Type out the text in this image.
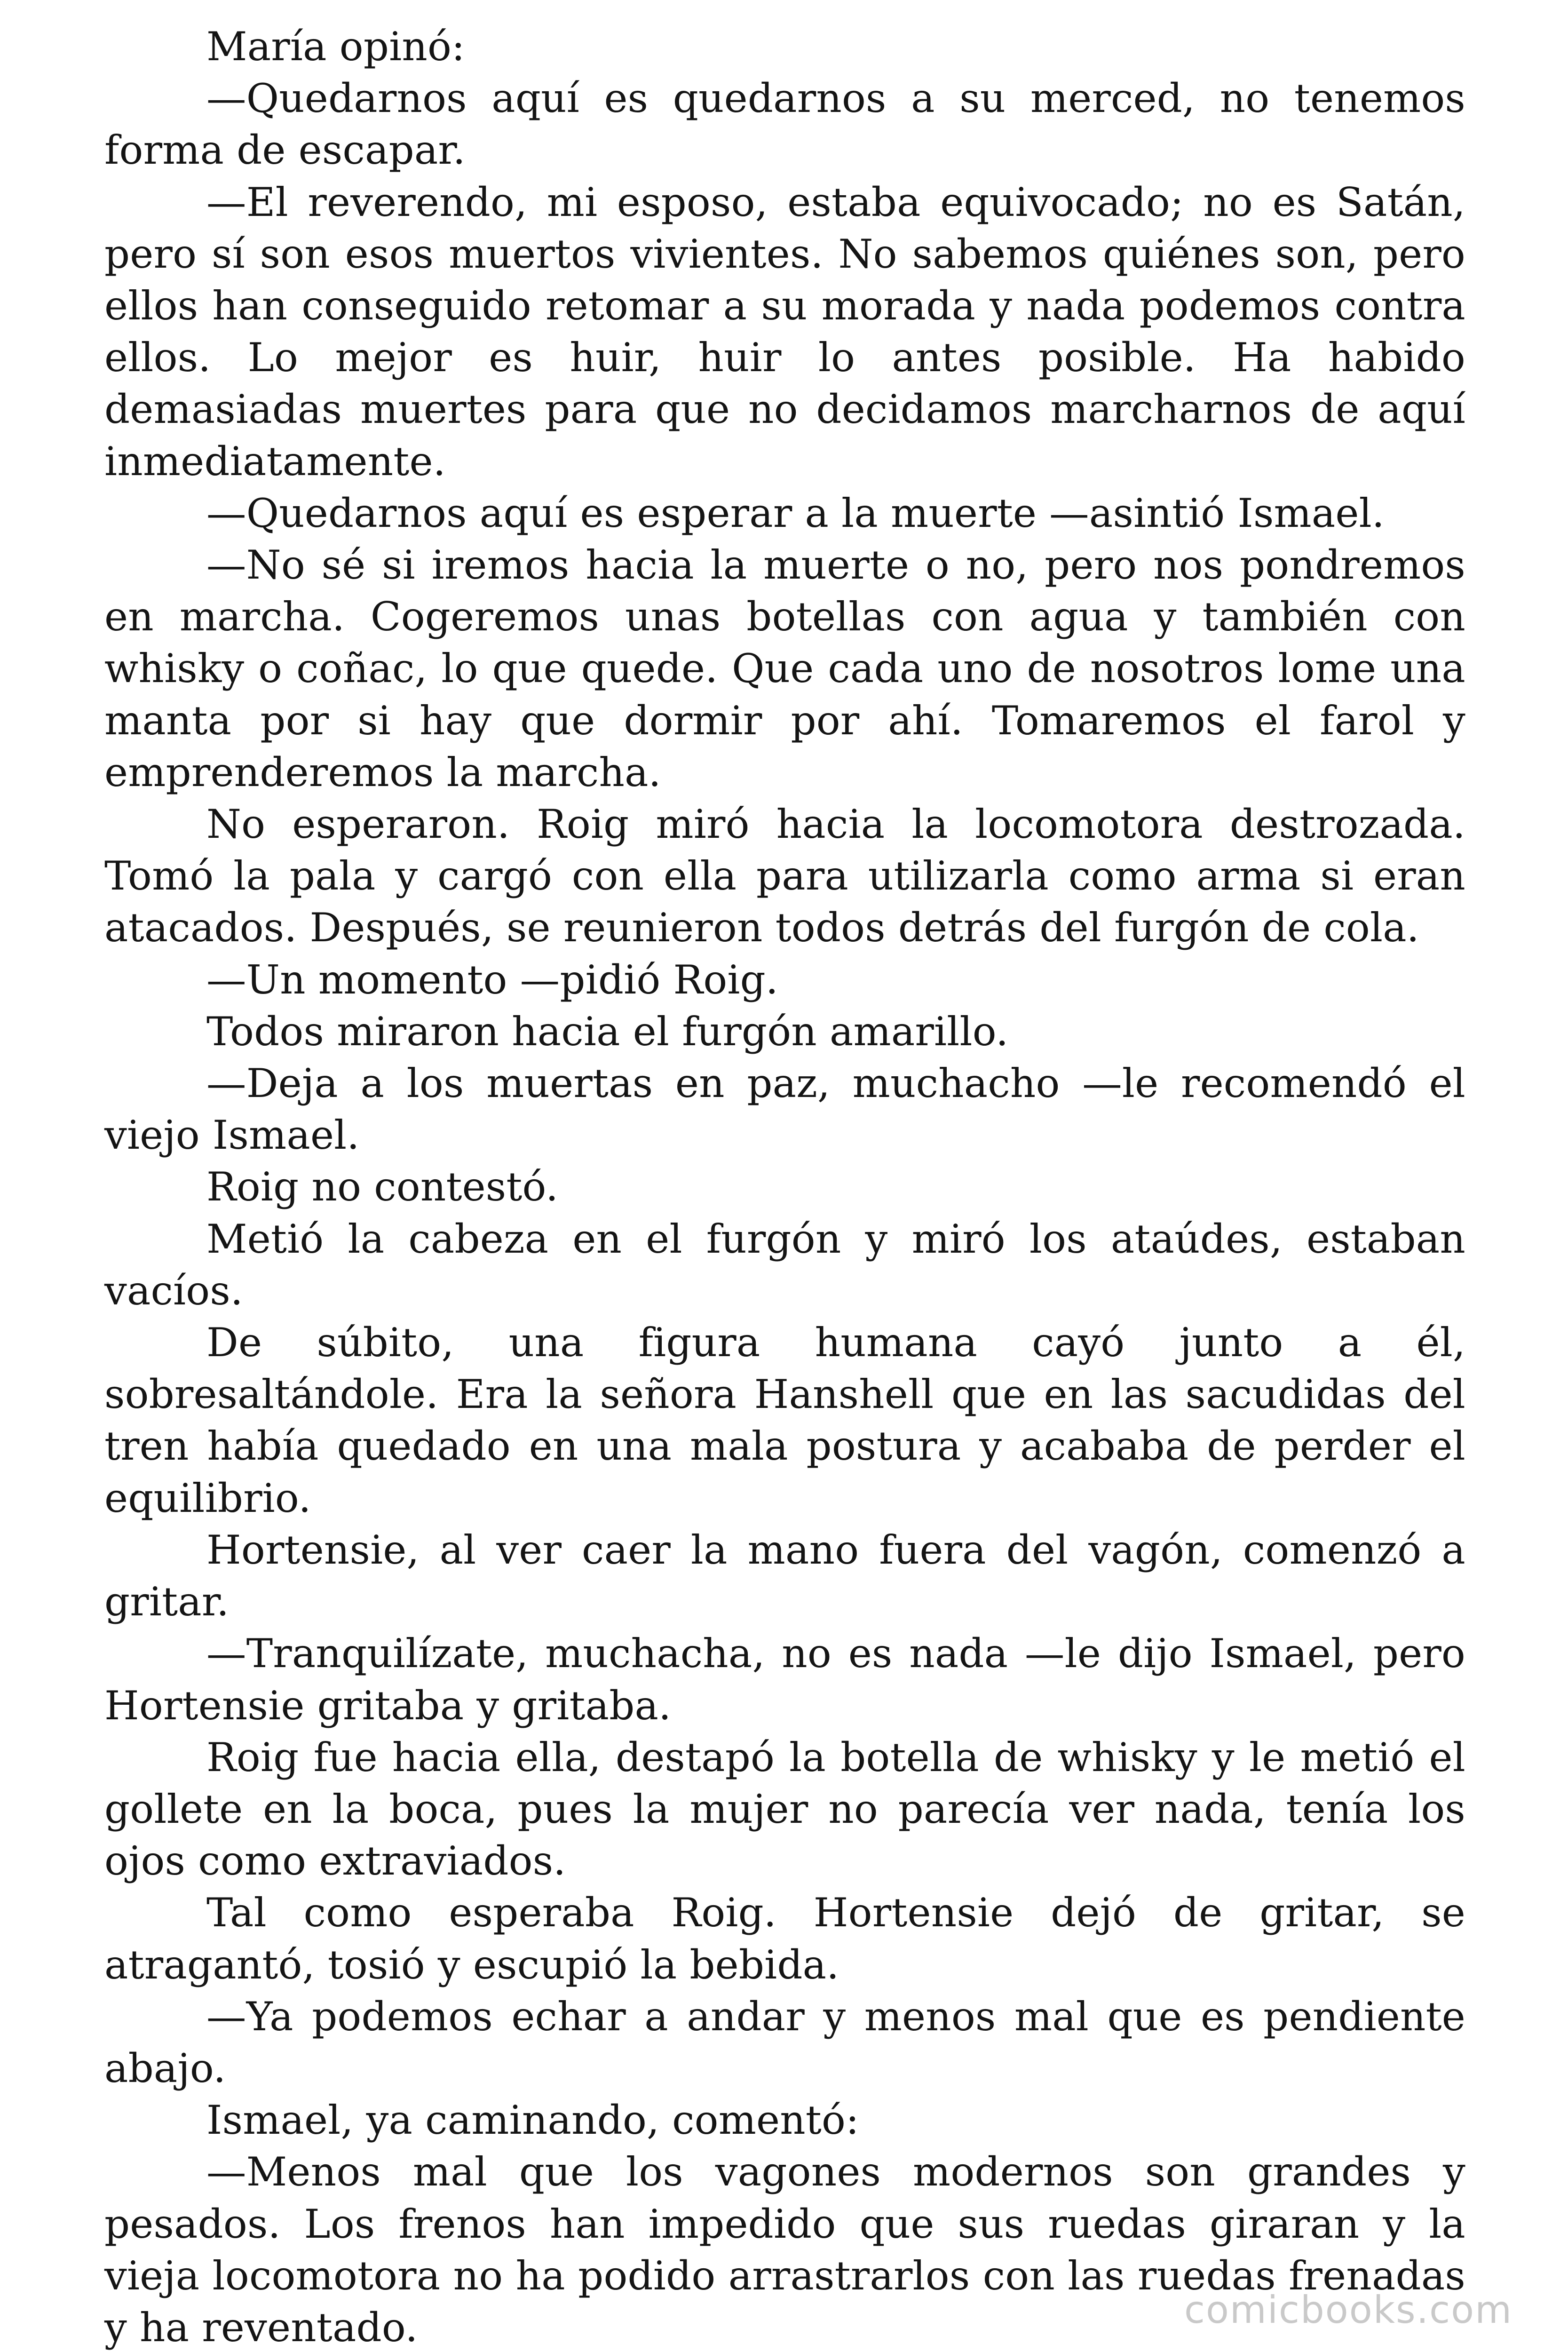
María opinó:

—Quedarnos aquí es quedarnos a su merced, no tenemos forma de escapar.

—El reverendo, mi esposo, estaba equivocado; no es Satán, pero sí son esos muertos vivientes. No sabemos quiénes son, pero ellos han conseguido retomar a su morada y nada podemos contra ellos. Lo mejor es huir, huir lo antes posible. Ha habido demasiadas muertes para que no decidamos marcharnos de aquí inmediatamente.

—Quedarnos aquí es esperar a la muerte —asintió Ismael.

—No sé si iremos hacia la muerte o no, pero nos pondremos en marcha. Cogeremos unas botellas con agua y también con whisky o coñac, lo que quede. Que cada uno de nosotros lome una manta por si hay que dormir por ahí. Tomaremos el farol y emprenderemos la marcha.

No esperaron. Roig miró hacia la locomotora destrozada. Tomó la pala y cargó con ella para utilizarla como arma si eran atacados. Después, se reunieron todos detrás del furgón de cola.

—Un momento —pidió Roig.

Todos miraron hacia el furgón amarillo.

—Deja a los muertas en paz, muchacho —le recomendó el viejo Ismael.

Roig no contestó.

Metió la cabeza en el furgón y miró los ataúdes, estaban vacíos.

De súbito, una figura humana cayó junto a él, sobresaltándole. Era la señora Hanshell que en las sacudidas del tren había quedado en una mala postura y acababa de perder el equilibrio.

Hortensie, al ver caer la mano fuera del vagón, comenzó a gritar.

—Tranquilízate, muchacha, no es nada —le dijo Ismael, pero Hortensie gritaba y gritaba.

Roig fue hacia ella, destapó la botella de whisky y le metió el gollete en la boca, pues la mujer no parecía ver nada, tenía los ojos como extraviados.

Tal como esperaba Roig. Hortensie dejó de gritar, se atragantó, tosió y escupió la bebida.

—Ya podemos echar a andar y menos mal que es pendiente abajo.

Ismael, ya caminando, comentó:

—Menos mal que los vagones modernos son grandes y pesados. Los frenos han impedido que sus ruedas giraran y la vieja locomotora no ha podido arrastrarlos con las ruedas frenadas y ha reventado.	comicbooks.com
